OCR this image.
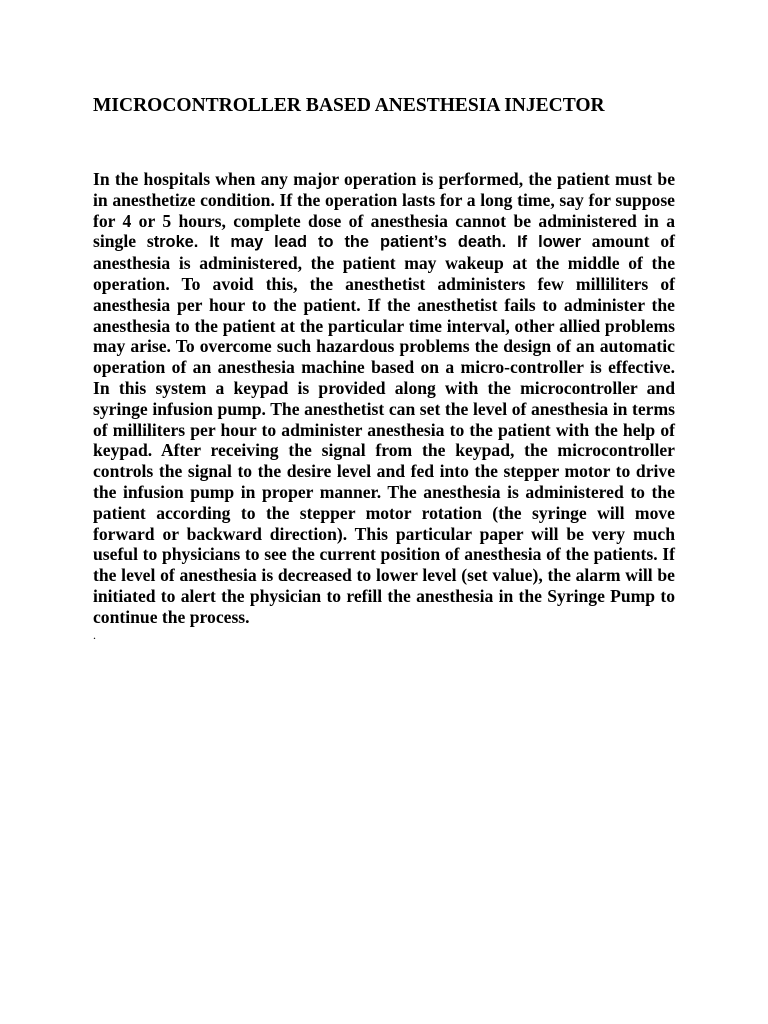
MICROCONTROLLER BASED ANESTHESIA INJECTOR

In the hospitals when any major operation is performed, the patient must be in anesthetize condition. If the operation lasts for a long time, say for suppose for 4 or 5 hours, complete dose of anesthesia cannot be administered in a single stroke. It may lead to the patient’s death. If lower amount of anesthesia is administered, the patient may wakeup at the middle of the operation. To avoid this, the anesthetist administers few milliliters of anesthesia per hour to the patient. If the anesthetist fails to administer the anesthesia to the patient at the particular time interval, other allied problems may arise. To overcome such hazardous problems the design of an automatic operation of an anesthesia machine based on a micro-controller is effective. In this system a keypad is provided along with the microcontroller and syringe infusion pump. The anesthetist can set the level of anesthesia in terms of milliliters per hour to administer anesthesia to the patient with the help of keypad. After receiving the signal from the keypad, the microcontroller controls the signal to the desire level and fed into the stepper motor to drive the infusion pump in proper manner. The anesthesia is administered to the patient according to the stepper motor rotation (the syringe will move forward or backward direction). This particular paper will be very much useful to physicians to see the current position of anesthesia of the patients. If the level of anesthesia is decreased to lower level (set value), the alarm will be initiated to alert the physician to refill the anesthesia in the Syringe Pump to continue the process.

.
